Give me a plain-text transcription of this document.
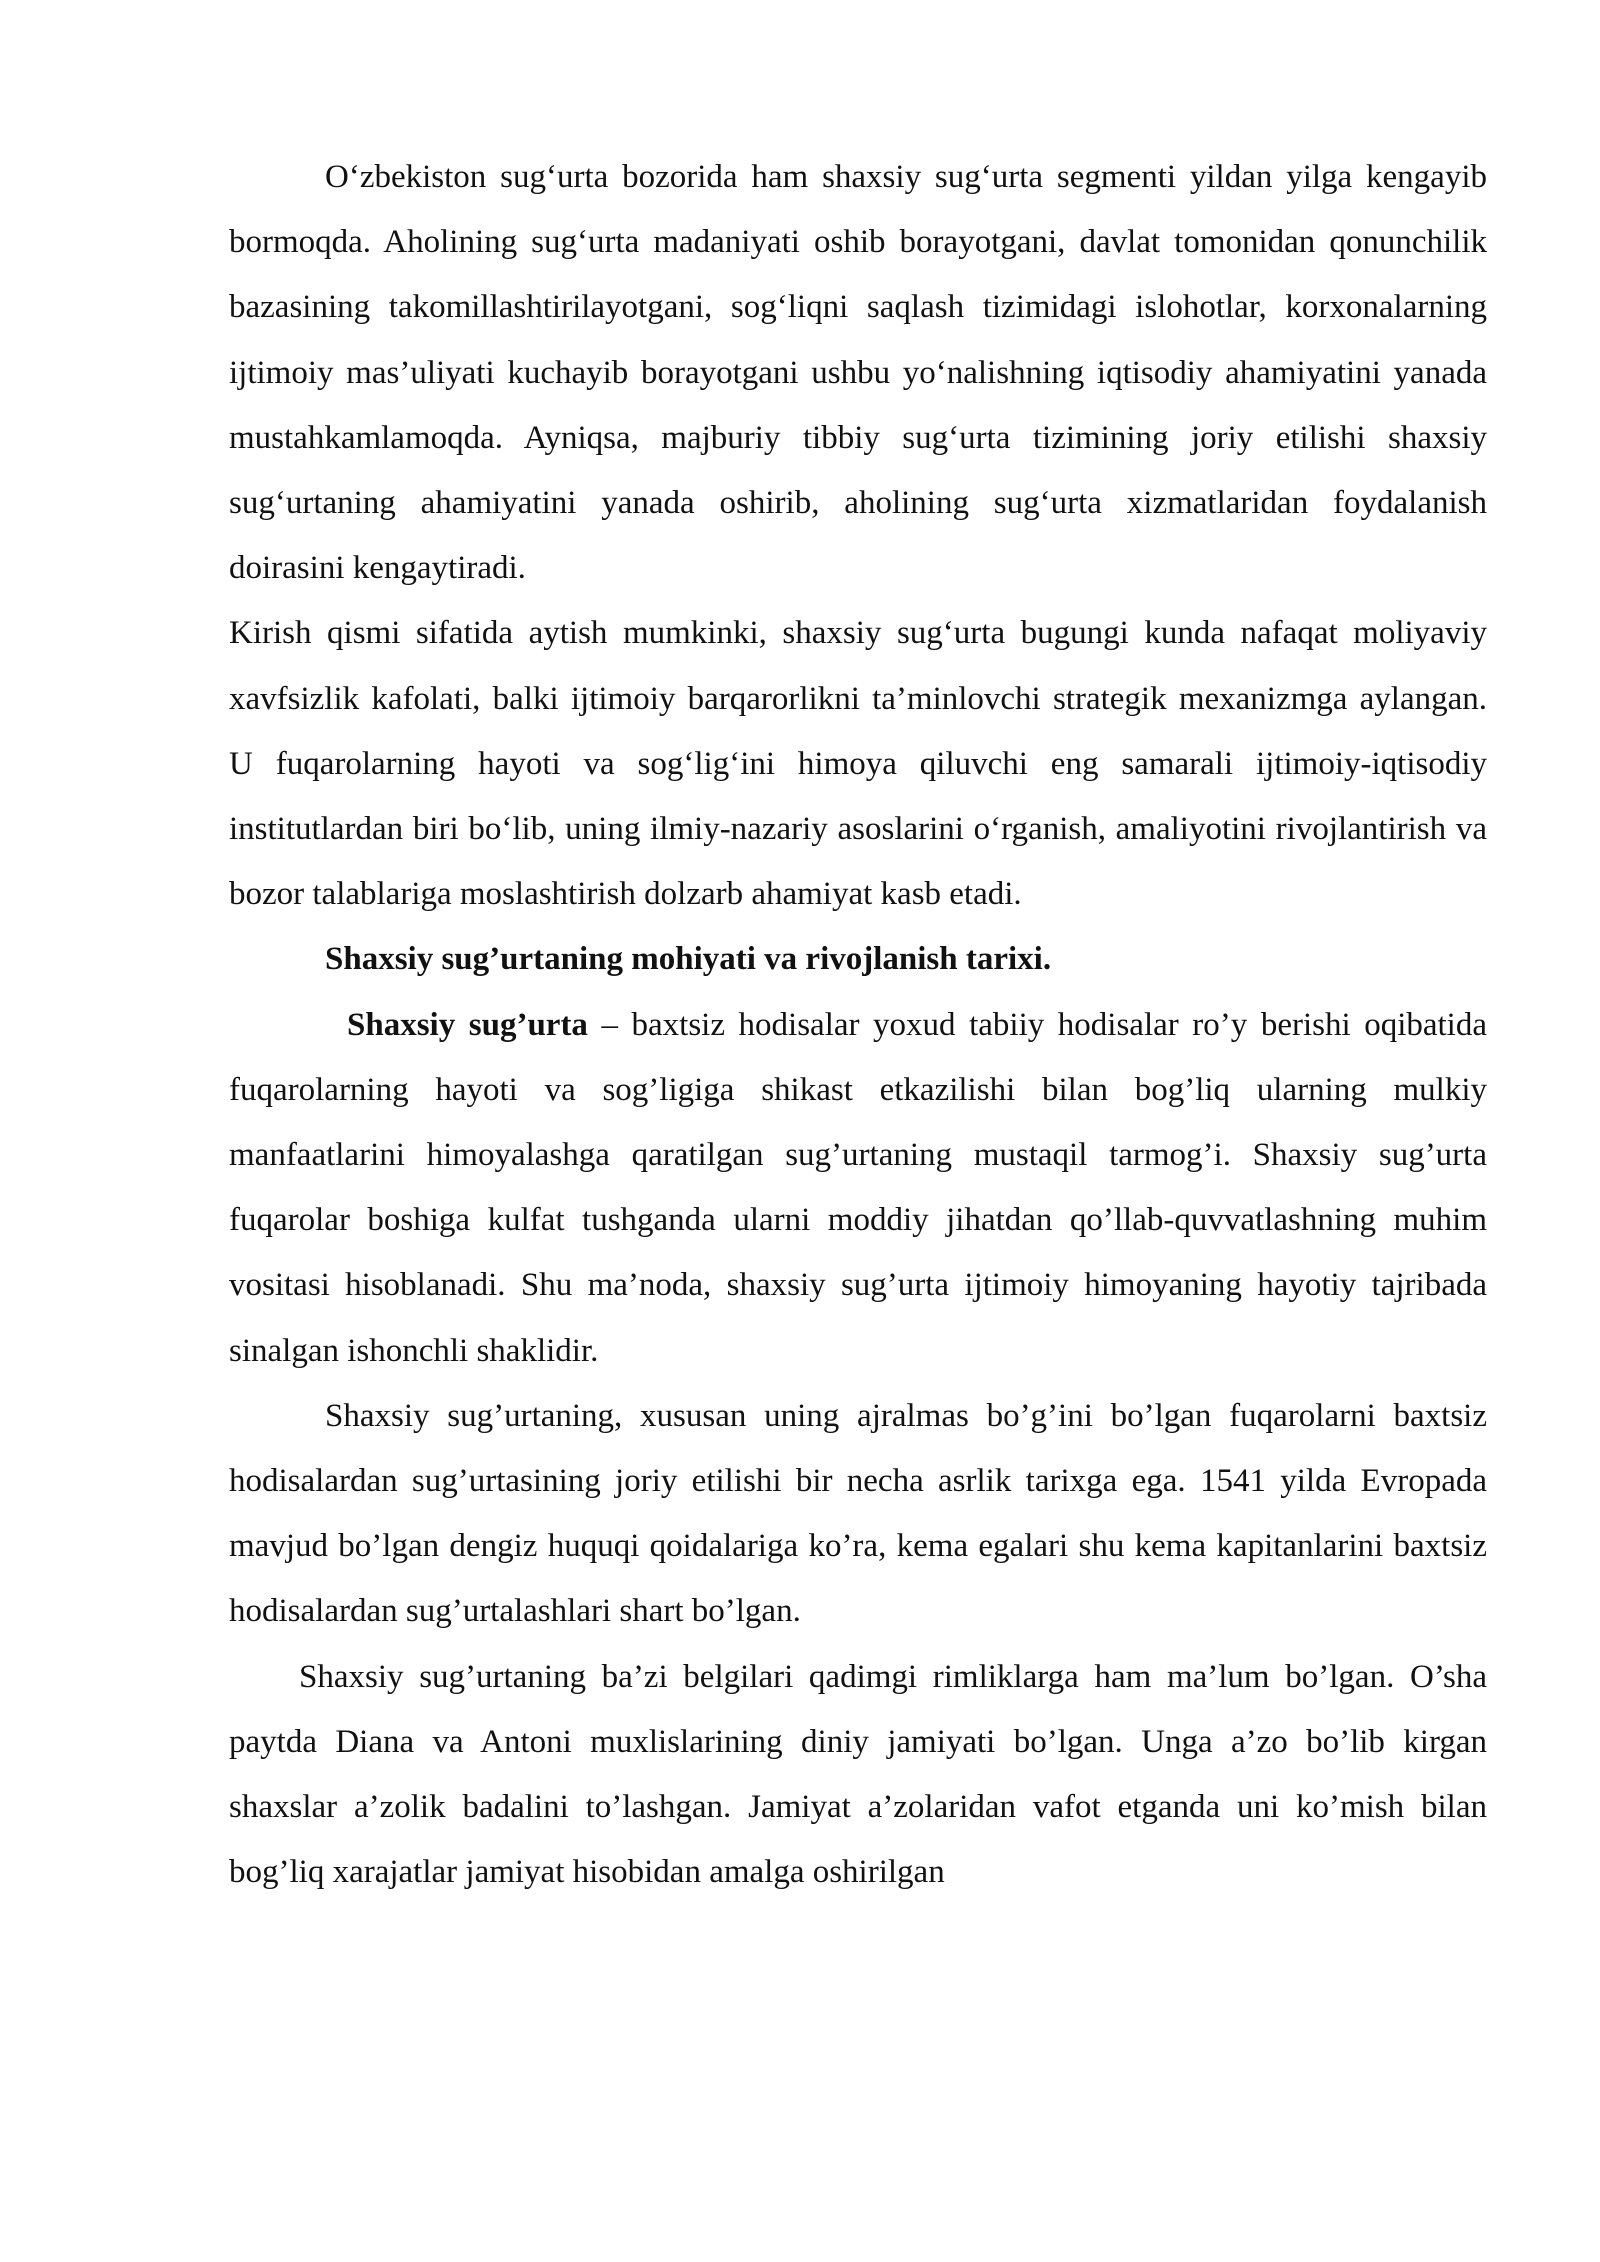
O‘zbekiston sug‘urta bozorida ham shaxsiy sug‘urta segmenti yildan yilga kengayib bormoqda. Aholining sug‘urta madaniyati oshib borayotgani, davlat tomonidan qonunchilik bazasining takomillashtirilayotgani, sog‘liqni saqlash tizimidagi islohotlar, korxonalarning ijtimoiy mas’uliyati kuchayib borayotgani ushbu yo‘nalishning iqtisodiy ahamiyatini yanada mustahkamlamoqda. Ayniqsa, majburiy tibbiy sug‘urta tizimining joriy etilishi shaxsiy sug‘urtaning ahamiyatini yanada oshirib, aholining sug‘urta xizmatlaridan foydalanish doirasini kengaytiradi.

Kirish qismi sifatida aytish mumkinki, shaxsiy sug‘urta bugungi kunda nafaqat moliyaviy xavfsizlik kafolati, balki ijtimoiy barqarorlikni ta’minlovchi strategik mexanizmga aylangan. U fuqarolarning hayoti va sog‘lig‘ini himoya qiluvchi eng samarali ijtimoiy-iqtisodiy institutlardan biri bo‘lib, uning ilmiy-nazariy asoslarini o‘rganish, amaliyotini rivojlantirish va bozor talablariga moslashtirish dolzarb ahamiyat kasb etadi.

Shaxsiy sug’urtaning mohiyati va rivojlanish tarixi.

Shaxsiy sug’urta – baxtsiz hodisalar yoxud tabiiy hodisalar ro’y berishi oqibatida fuqarolarning hayoti va sog’ligiga shikast etkazilishi bilan bog’liq ularning mulkiy manfaatlarini himoyalashga qaratilgan sug’urtaning mustaqil tarmog’i. Shaxsiy sug’urta fuqarolar boshiga kulfat tushganda ularni moddiy jihatdan qo’llab-quvvatlashning muhim vositasi hisoblanadi. Shu ma’noda, shaxsiy sug’urta ijtimoiy himoyaning hayotiy tajribada sinalgan ishonchli shaklidir.

Shaxsiy sug’urtaning, xususan uning ajralmas bo’g’ini bo’lgan fuqarolarni baxtsiz hodisalardan sug’urtasining joriy etilishi bir necha asrlik tarixga ega. 1541 yilda Evropada mavjud bo’lgan dengiz huquqi qoidalariga ko’ra, kema egalari shu kema kapitanlarini baxtsiz hodisalardan sug’urtalashlari shart bo’lgan.

Shaxsiy sug’urtaning ba’zi belgilari qadimgi rimliklarga ham ma’lum bo’lgan. O’sha paytda Diana va Antoni muxlislarining diniy jamiyati bo’lgan. Unga a’zo bo’lib kirgan shaxslar a’zolik badalini to’lashgan. Jamiyat a’zolaridan vafot etganda uni ko’mish bilan bog’liq xarajatlar jamiyat hisobidan amalga oshirilgan
